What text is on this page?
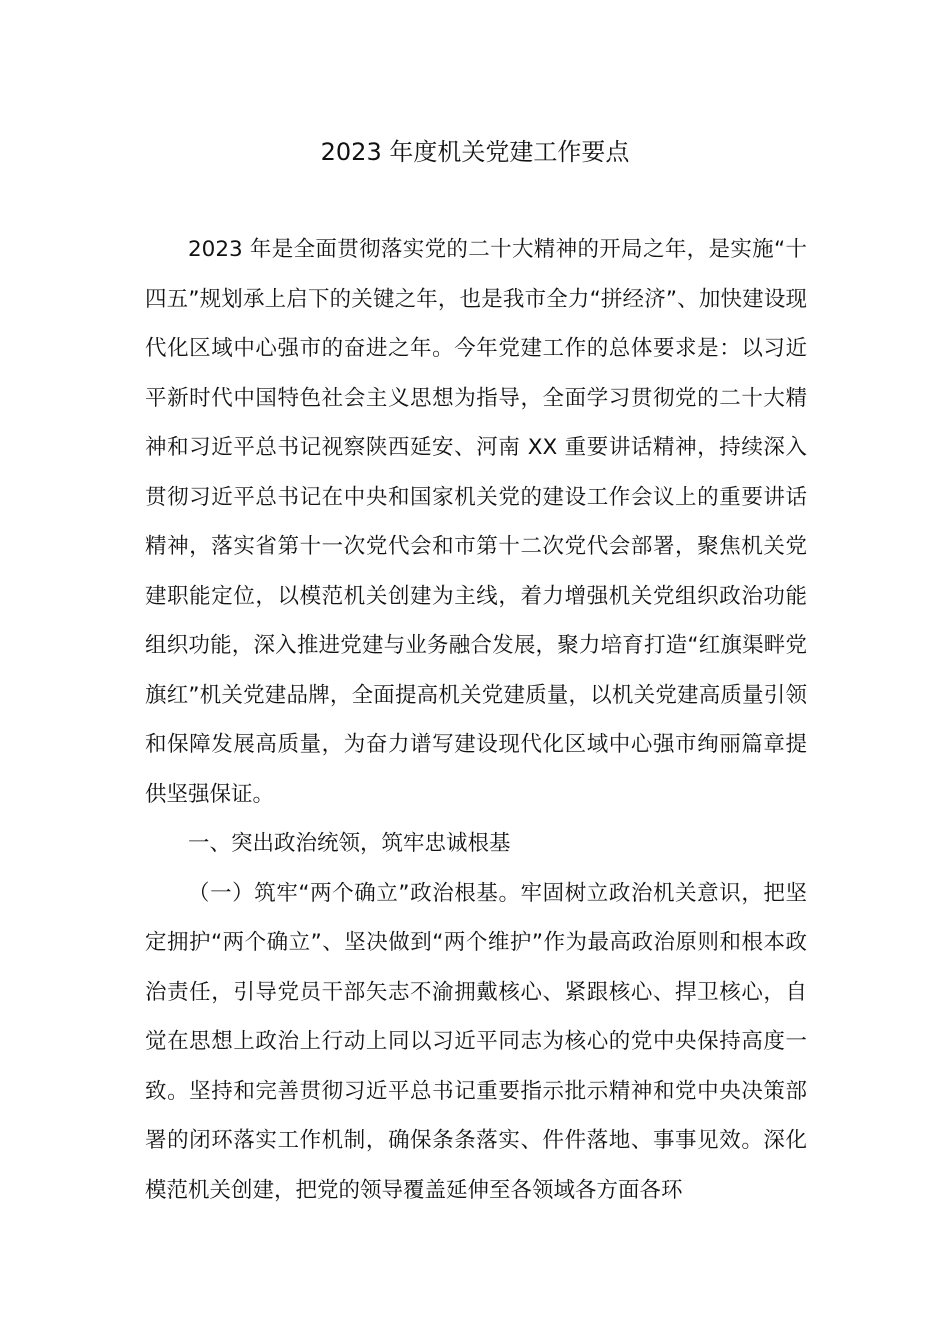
2023 年度机关党建工作要点

2023 年是全面贯彻落实党的二十大精神的开局之年，是实施“十四五”规划承上启下的关键之年，也是我市全力“拼经济”、加快建设现代化区域中心强市的奋进之年。今年党建工作的总体要求是：以习近平新时代中国特色社会主义思想为指导，全面学习贯彻党的二十大精神和习近平总书记视察陕西延安、河南 XX 重要讲话精神，持续深入贯彻习近平总书记在中央和国家机关党的建设工作会议上的重要讲话精神，落实省第十一次党代会和市第十二次党代会部署，聚焦机关党建职能定位，以模范机关创建为主线，着力增强机关党组织政治功能组织功能，深入推进党建与业务融合发展，聚力培育打造“红旗渠畔党旗红”机关党建品牌，全面提高机关党建质量，以机关党建高质量引领和保障发展高质量，为奋力谱写建设现代化区域中心强市绚丽篇章提供坚强保证。

一、突出政治统领，筑牢忠诚根基

（一）筑牢“两个确立”政治根基。牢固树立政治机关意识，把坚定拥护“两个确立”、坚决做到“两个维护”作为最高政治原则和根本政治责任，引导党员干部矢志不渝拥戴核心、紧跟核心、捍卫核心，自觉在思想上政治上行动上同以习近平同志为核心的党中央保持高度一致。坚持和完善贯彻习近平总书记重要指示批示精神和党中央决策部署的闭环落实工作机制，确保条条落实、件件落地、事事见效。深化模范机关创建，把党的领导覆盖延伸至各领域各方面各环
